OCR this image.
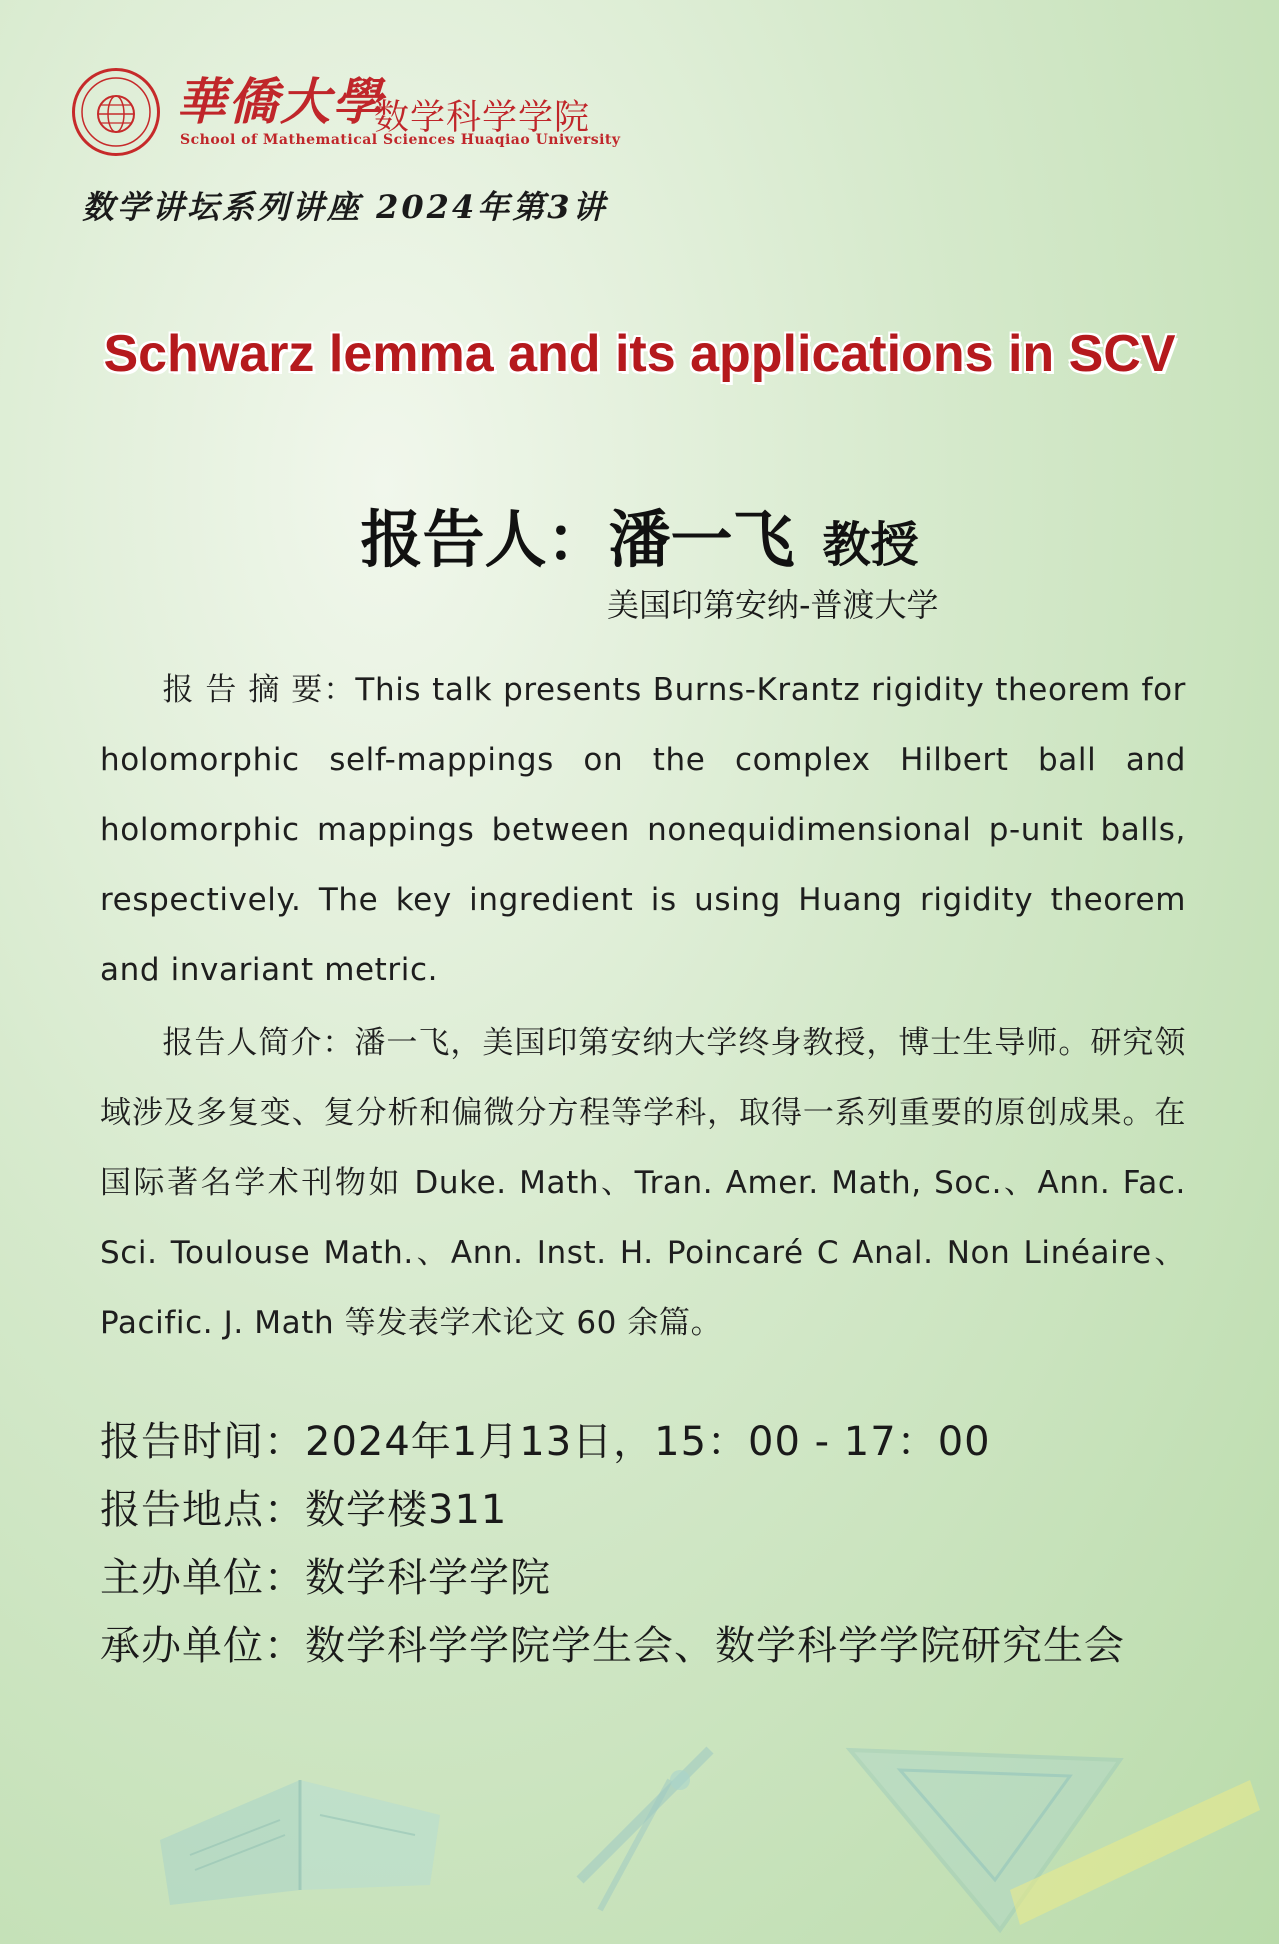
華僑大學
数学科学学院
School of Mathematical Sciences Huaqiao University
数学讲坛系列讲座 2024年第3讲
Schwarz lemma and its applications in SCV
报告人：潘一飞 教授
美国印第安纳-普渡大学
报 告 摘 要：This talk presents Burns-Krantz rigidity theorem for holomorphic self-mappings on the complex Hilbert ball and holomorphic mappings between nonequidimensional p-unit balls, respectively. The key ingredient is using Huang rigidity theorem and invariant metric.
报告人简介：潘一飞，美国印第安纳大学终身教授，博士生导师。研究领域涉及多复变、复分析和偏微分方程等学科，取得一系列重要的原创成果。在国际著名学术刊物如 Duke. Math、Tran. Amer. Math, Soc.、Ann. Fac. Sci. Toulouse Math.、Ann. Inst. H. Poincaré C Anal. Non Linéaire、Pacific. J. Math 等发表学术论文 60 余篇。
报告时间：2024年1月13日，15：00 - 17：00
报告地点：数学楼311
主办单位：数学科学学院
承办单位：数学科学学院学生会、数学科学学院研究生会
